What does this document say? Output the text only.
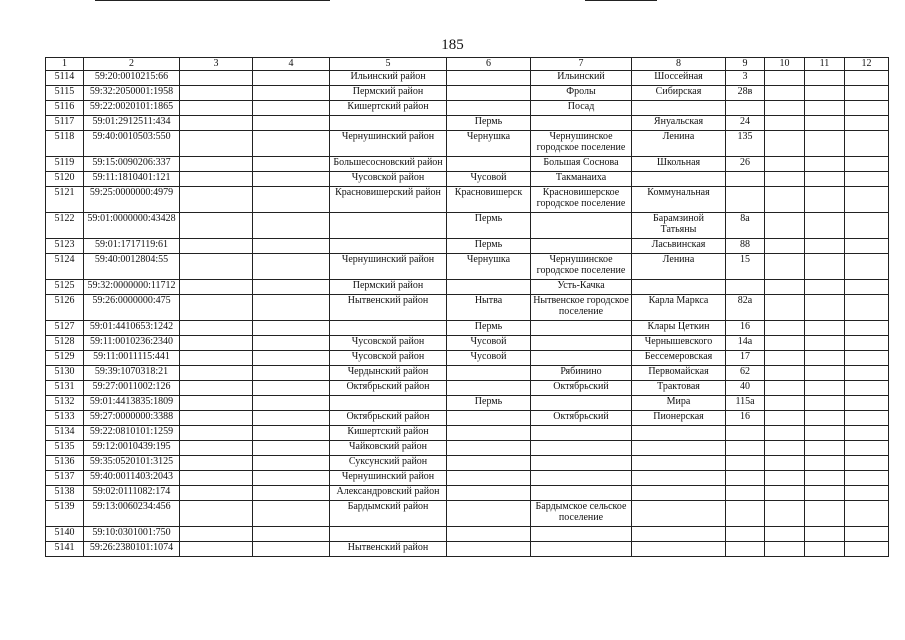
185
1	2	3	4	5	6	7	8	9	10	11	12
5114	59:20:0010215:66			Ильинский район		Ильинский	Шоссейная	3			
5115	59:32:2050001:1958			Пермский район		Фролы	Сибирская	28в			
5116	59:22:0020101:1865			Кишертский район		Посад					
5117	59:01:2912511:434				Пермь		Януальская	24			
5118	59:40:0010503:550			Чернушинский район	Чернушка	Чернушинское городское поселение	Ленина	135			
5119	59:15:0090206:337			Большесосновский район		Большая Соснова	Школьная	26			
5120	59:11:1810401:121			Чусовской район	Чусовой	Такманаиха					
5121	59:25:0000000:4979			Красновишерский район	Красновишерск	Красновишерское городское поселение	Коммунальная				
5122	59:01:0000000:43428				Пермь		Барамзиной Татьяны	8а			
5123	59:01:1717119:61				Пермь		Ласьвинская	88			
5124	59:40:0012804:55			Чернушинский район	Чернушка	Чернушинское городское поселение	Ленина	15			
5125	59:32:0000000:11712			Пермский район		Усть-Качка					
5126	59:26:0000000:475			Нытвенский район	Нытва	Нытвенское городское поселение	Карла Маркса	82а			
5127	59:01:4410653:1242				Пермь		Клары Цеткин	16			
5128	59:11:0010236:2340			Чусовской район	Чусовой		Чернышевского	14а			
5129	59:11:0011115:441			Чусовской район	Чусовой		Бессемеровская	17			
5130	59:39:1070318:21			Чердынский район		Рябинино	Первомайская	62			
5131	59:27:0011002:126			Октябрьский район		Октябрьский	Трактовая	40			
5132	59:01:4413835:1809				Пермь		Мира	115а			
5133	59:27:0000000:3388			Октябрьский район		Октябрьский	Пионерская	16			
5134	59:22:0810101:1259			Кишертский район							
5135	59:12:0010439:195			Чайковский район							
5136	59:35:0520101:3125			Суксунский район							
5137	59:40:0011403:2043			Чернушинский район							
5138	59:02:0111082:174			Александровский район							
5139	59:13:0060234:456			Бардымский район		Бардымское сельское поселение					
5140	59:10:0301001:750										
5141	59:26:2380101:1074			Нытвенский район							
